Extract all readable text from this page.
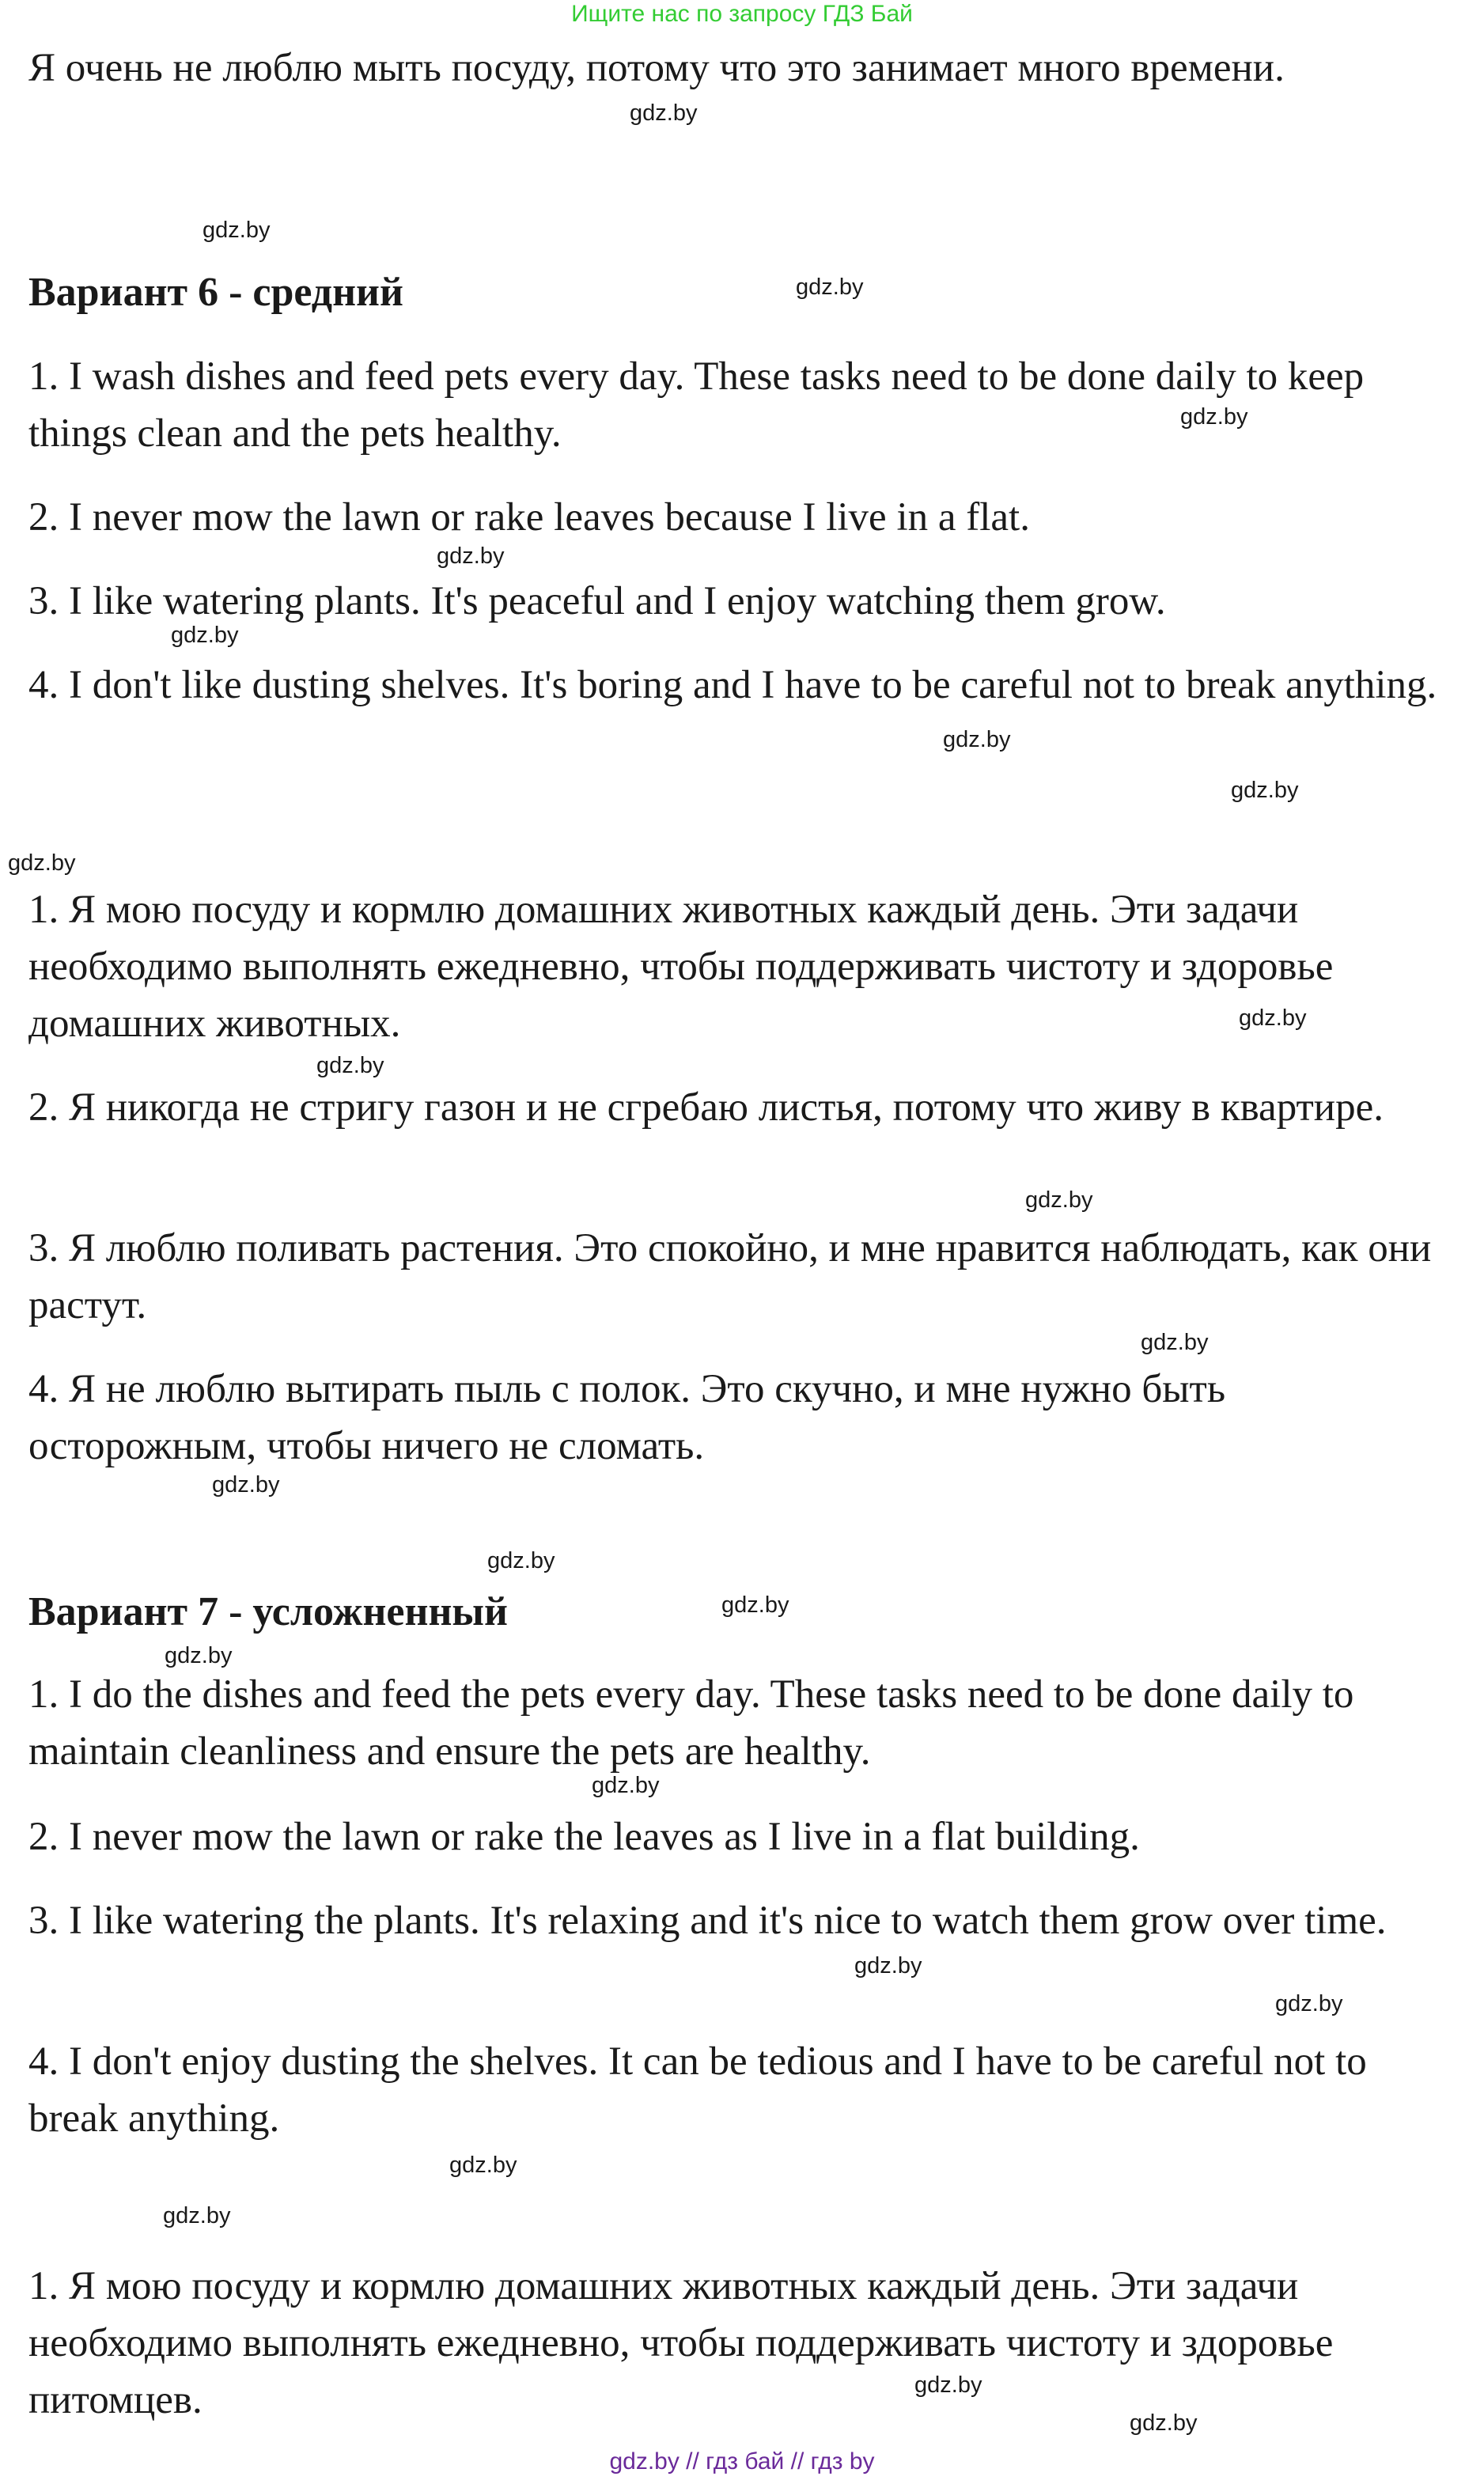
Ищите нас по запросу ГДЗ Бай

Я очень не люблю мыть посуду, потому что это занимает много времени.

Вариант 6 - средний

1. I wash dishes and feed pets every day. These tasks need to be done daily to keep things clean and the pets healthy.

2. I never mow the lawn or rake leaves because I live in a flat.

3. I like watering plants. It's peaceful and I enjoy watching them grow.

4. I don't like dusting shelves. It's boring and I have to be careful not to break anything.

1. Я мою посуду и кормлю домашних животных каждый день. Эти задачи необходимо выполнять ежедневно, чтобы поддерживать чистоту и здоровье домашних животных.

2. Я никогда не стригу газон и не сгребаю листья, потому что живу в квартире.

3. Я люблю поливать растения. Это спокойно, и мне нравится наблюдать, как они растут.

4. Я не люблю вытирать пыль с полок. Это скучно, и мне нужно быть осторожным, чтобы ничего не сломать.

Вариант 7 - усложненный

1. I do the dishes and feed the pets every day. These tasks need to be done daily to maintain cleanliness and ensure the pets are healthy.

2. I never mow the lawn or rake the leaves as I live in a flat building.

3. I like watering the plants. It's relaxing and it's nice to watch them grow over time.

4. I don't enjoy dusting the shelves. It can be tedious and I have to be careful not to break anything.

1. Я мою посуду и кормлю домашних животных каждый день. Эти задачи необходимо выполнять ежедневно, чтобы поддерживать чистоту и здоровье питомцев.

gdz.by
gdz.by
gdz.by
gdz.by
gdz.by
gdz.by
gdz.by
gdz.by
gdz.by
gdz.by
gdz.by
gdz.by
gdz.by
gdz.by
gdz.by
gdz.by
gdz.by
gdz.by
gdz.by
gdz.by
gdz.by
gdz.by
gdz.by
gdz.by
gdz.by // гдз бай // гдз by
